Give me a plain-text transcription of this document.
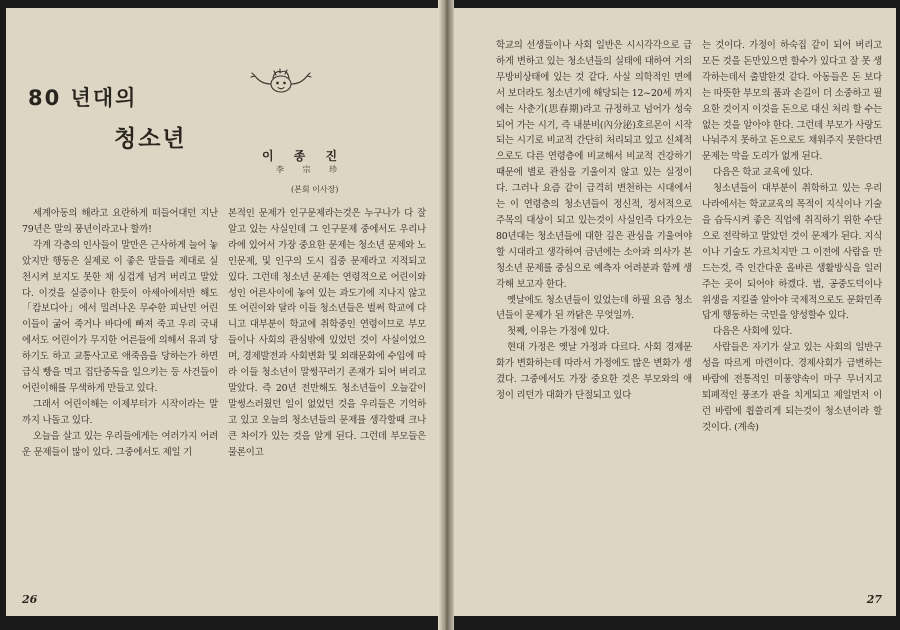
80 년대의
청소년
이 종 진
李 宗 珍
(본회 이사장)

세계아동의 해라고 요란하게 떠들어대던 지난 79년은 말의 풍년이라고나 할까!

각계 각층의 인사들이 말만은 근사하게 늘어 놓았지만 행동은 실제로 이 좋은 말들을 제대로 실천시켜 보지도 못한 채 싱겁게 넘겨 버리고 말았다. 이것을 실증이나 한듯이 아세아에서만 해도 「캄보디아」에서 밀려나온 무수한 피난민 어린이들이 굶어 죽거나 바다에 빠져 죽고 우리 국내에서도 어린이가 무지한 어른들에 의해서 유괴 당하기도 하고 교통사고로 애죽음을 당하는가 하면 급식 빵을 먹고 집단중독을 일으키는 등 사건들이 어린이해를 무색하게 만들고 있다.

그래서 어린이해는 이제부터가 시작이라는 말까지 나돌고 있다.

오늘을 살고 있는 우리들에게는 여러가지 어려운 문제들이 많이 있다. 그중에서도 제일 기

본적인 문제가 인구문제라는것은 누구나가 다 잘 알고 있는 사실인데 그 인구문제 중에서도 우리나라에 있어서 가장 중요한 문제는 청소년 문제와 노인문제, 및 인구의 도시 집중 문제라고 지적되고 있다. 그런데 청소년 문제는 연령적으로 어린이와 성인 어른사이에 놓여 있는 과도기에 지나지 않고 또 어린이와 달라 이들 청소년들은 벌써 학교에 다니고 대부분이 학교에 취학중인 연령이므로 부모들이나 사회의 관심밖에 있었던 것이 사실이었으며, 경제발전과 사회변화 및 외래문화에 수입에 따라 이들 청소년이 말썽꾸러기 존재가 되어 버리고 말았다. 즉 20년 전만해도 청소년들이 오늘같이 말썽스러웠던 일이 없었던 것을 우리들은 기억하고 있고 오늘의 청소년들의 문제를 생각할때 크나큰 차이가 있는 것을 알게 된다. 그런데 부모들은 물론이고

26

학교의 선생들이나 사회 일반은 시시각각으로 급하게 변하고 있는 청소년들의 실태에 대하여 거의 무방비상태에 있는 것 같다. 사실 의학적인 면에서 보더라도 청소년기에 해당되는 12~20세 까지에는 사춘기(思春期)라고 규정하고 넘어가 성숙되어 가는 시기, 즉 내분비(內分泌)호르몬이 시작되는 시기로 비교적 간단히 처리되고 있고 신체적으로도 다른 연령층에 비교해서 비교적 건강하기 때문에 별로 관심을 기울이지 않고 있는 실정이다. 그러나 요즘 같이 급격히 변천하는 시대에서는 이 연령층의 청소년들이 정신적, 정서적으로 주목의 대상이 되고 있는것이 사실인즉 다가오는 80년대는 청소년들에 대한 깊은 관심을 기울여야 할 시대라고 생각하여 금년에는 소아과 의사가 본 청소년 문제를 중심으로 예측자 어려분과 함께 생각해 보고자 한다.

옛날에도 청소년들이 있었는데 하필 요즘 청소년들이 문제가 된 까닭은 무엇일까.

첫째, 이유는 가정에 있다.

현대 가정은 옛날 가정과 다르다. 사회 경제문화가 변화하는데 따라서 가정에도 많은 변화가 생겼다. 그중에서도 가장 중요한 것은 부모와의 애정이 리던가 대화가 단절되고 있다

는 것이다. 가정이 하숙집 같이 되어 버리고 모든 것을 돈만있으면 할수가 있다고 잘 못 생각하는데서 출발한것 같다. 아동들은 돈 보다는 따뜻한 부모의 품과 손길이 더 소중하고 필요한 것이지 이것을 돈으로 대신 처리 할 수는 없는 것을 알아야 한다. 그런데 부모가 사랑도 나눠주지 못하고 돈으로도 채워주지 못한다면 문제는 막을 도리가 없게 된다.

다음은 학교 교육에 있다.

청소년들이 대부분이 취학하고 있는 우리나라에서는 학교교육의 목적이 지식이나 기술을 습득시켜 좋은 직업에 취직하기 위한 수단으로 전락하고 말았던 것이 문제가 된다. 지식이나 기술도 가르치지만 그 이전에 사람을 만드는것, 즉 인간다운 올바른 생활방식을 일러주는 곳이 되어야 하겠다. 법, 공중도덕이나 위생을 지킬줄 알아야 국제적으로도 문화민족답게 행동하는 국민을 양성할수 있다.

다음은 사회에 있다.

사람들은 자기가 살고 있는 사회의 일반구성을 따르게 마련이다. 경제사회가 급변하는 바람에 전통적인 미풍양속이 마구 무너지고 퇴폐적인 풍조가 판을 치게되고 제일먼저 이런 바람에 휩쓸리게 되는것이 청소년이라 할 것이다. (계속)

27
